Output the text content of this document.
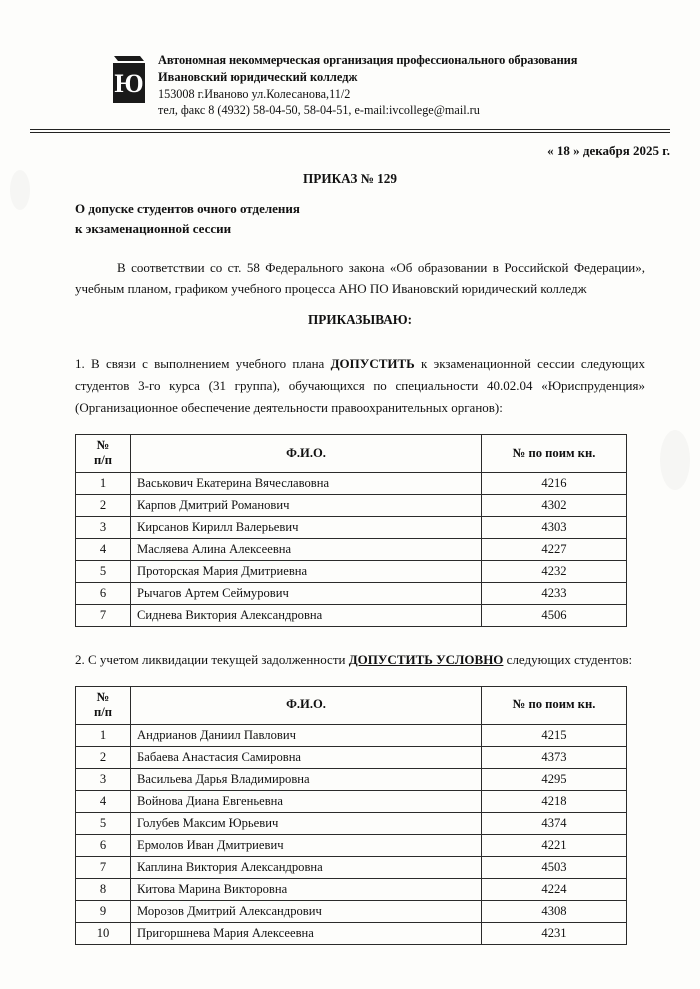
Ю
Автономная некоммерческая организация профессионального образования
Ивановский юридический колледж
153008 г.Иваново ул.Колесанова,11/2
тел, факс 8 (4932) 58-04-50, 58-04-51, e-mail:ivcollege@mail.ru
« 18 » декабря 2025 г.
ПРИКАЗ № 129
О допуске студентов очного отделения
к экзаменационной сессии
В соответствии со ст. 58 Федерального закона «Об образовании в Российской Федерации», учебным планом, графиком учебного процесса АНО ПО Ивановский юридический колледж
ПРИКАЗЫВАЮ:
1. В связи с выполнением учебного плана ДОПУСТИТЬ к экзаменационной сессии следующих студентов 3-го курса (31 группа), обучающихся по специальности 40.02.04 «Юриспруденция» (Организационное обеспечение деятельности правоохранительных органов):
№
п/п	Ф.И.О.	№ по поим кн.
1	Васькович Екатерина Вячеславовна	4216
2	Карпов Дмитрий Романович	4302
3	Кирсанов Кирилл Валерьевич	4303
4	Масляева Алина Алексеевна	4227
5	Проторская Мария Дмитриевна	4232
6	Рычагов Артем Сеймурович	4233
7	Сиднева Виктория Александровна	4506
2. С учетом ликвидации текущей задолженности ДОПУСТИТЬ УСЛОВНО следующих студентов:
№
п/п	Ф.И.О.	№ по поим кн.
1	Андрианов Даниил Павлович	4215
2	Бабаева Анастасия Самировна	4373
3	Васильева Дарья Владимировна	4295
4	Войнова Диана Евгеньевна	4218
5	Голубев Максим Юрьевич	4374
6	Ермолов Иван Дмитриевич	4221
7	Каплина Виктория Александровна	4503
8	Китова Марина Викторовна	4224
9	Морозов Дмитрий Александрович	4308
10	Пригоршнева Мария Алексеевна	4231
